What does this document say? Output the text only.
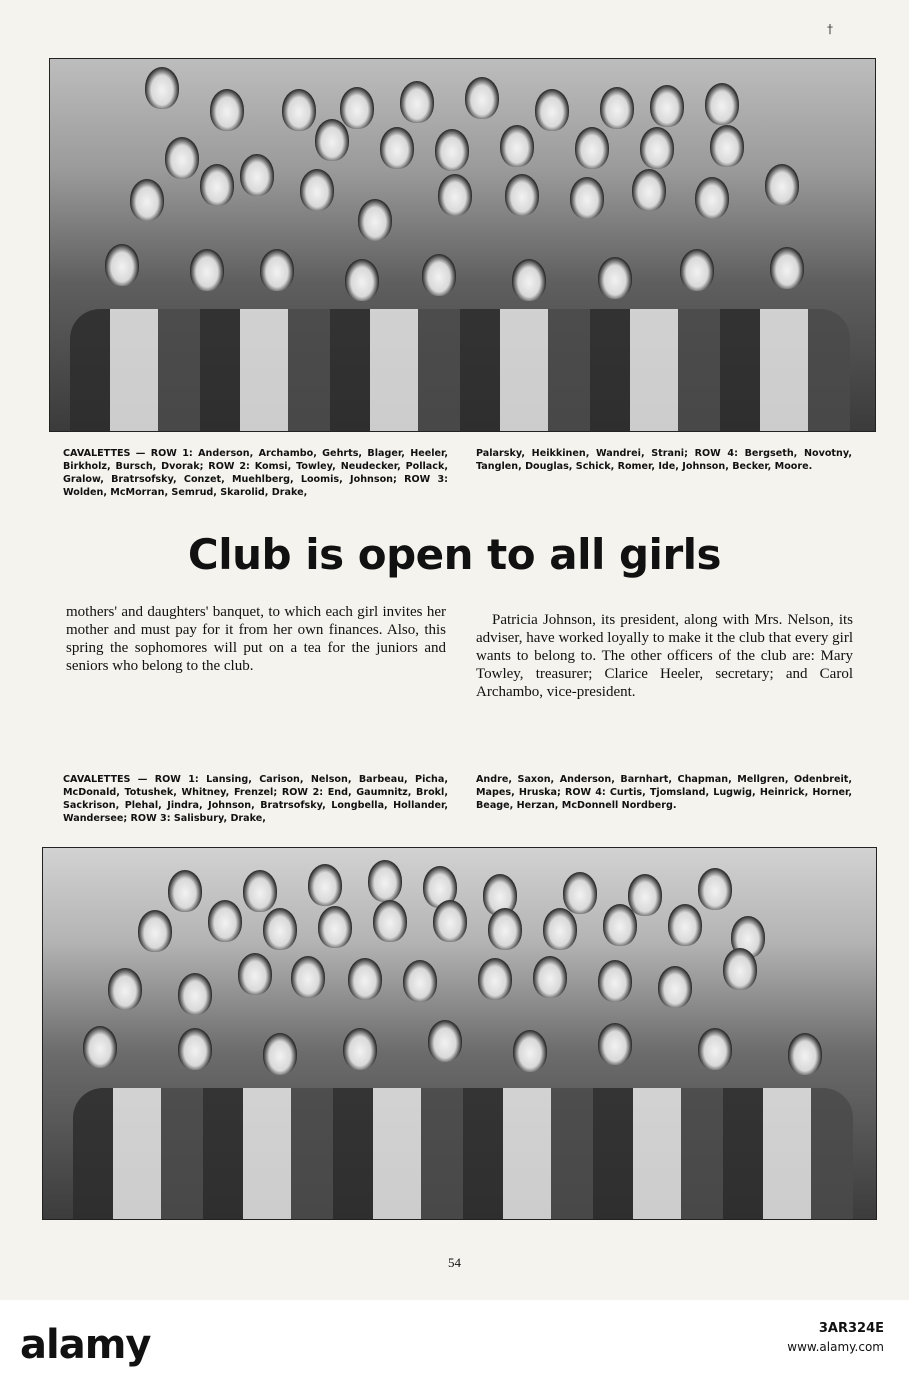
†

CAVALETTES — ROW 1: Anderson, Archambo, Gehrts, Blager, Heeler, Birkholz, Bursch, Dvorak; ROW 2: Komsi, Towley, Neudecker, Pollack, Gralow, Bratrsofsky, Conzet, Muehlberg, Loomis, Johnson; ROW 3: Wolden, McMorran, Semrud, Skarolid, Drake,

Palarsky, Heikkinen, Wandrei, Strani; ROW 4: Bergseth, Novotny, Tanglen, Douglas, Schick, Romer, Ide, Johnson, Becker, Moore.

Club is open to all girls

mothers' and daughters' banquet, to which each girl invites her mother and must pay for it from her own finances. Also, this spring the sophomores will put on a tea for the juniors and seniors who belong to the club.

Patricia Johnson, its president, along with Mrs. Nelson, its adviser, have worked loyally to make it the club that every girl wants to belong to. The other officers of the club are: Mary Towley, treasurer; Clarice Heeler, secretary; and Carol Archambo, vice-president.

CAVALETTES — ROW 1: Lansing, Carison, Nelson, Barbeau, Picha, McDonald, Totushek, Whitney, Frenzel; ROW 2: End, Gaumnitz, Brokl, Sackrison, Plehal, Jindra, Johnson, Bratrsofsky, Longbella, Hollander, Wandersee; ROW 3: Salisbury, Drake,

Andre, Saxon, Anderson, Barnhart, Chapman, Mellgren, Odenbreit, Mapes, Hruska; ROW 4: Curtis, Tjomsland, Lugwig, Heinrick, Horner, Beage, Herzan, McDonnell Nordberg.

54
alamy	3AR324E
www.alamy.com
